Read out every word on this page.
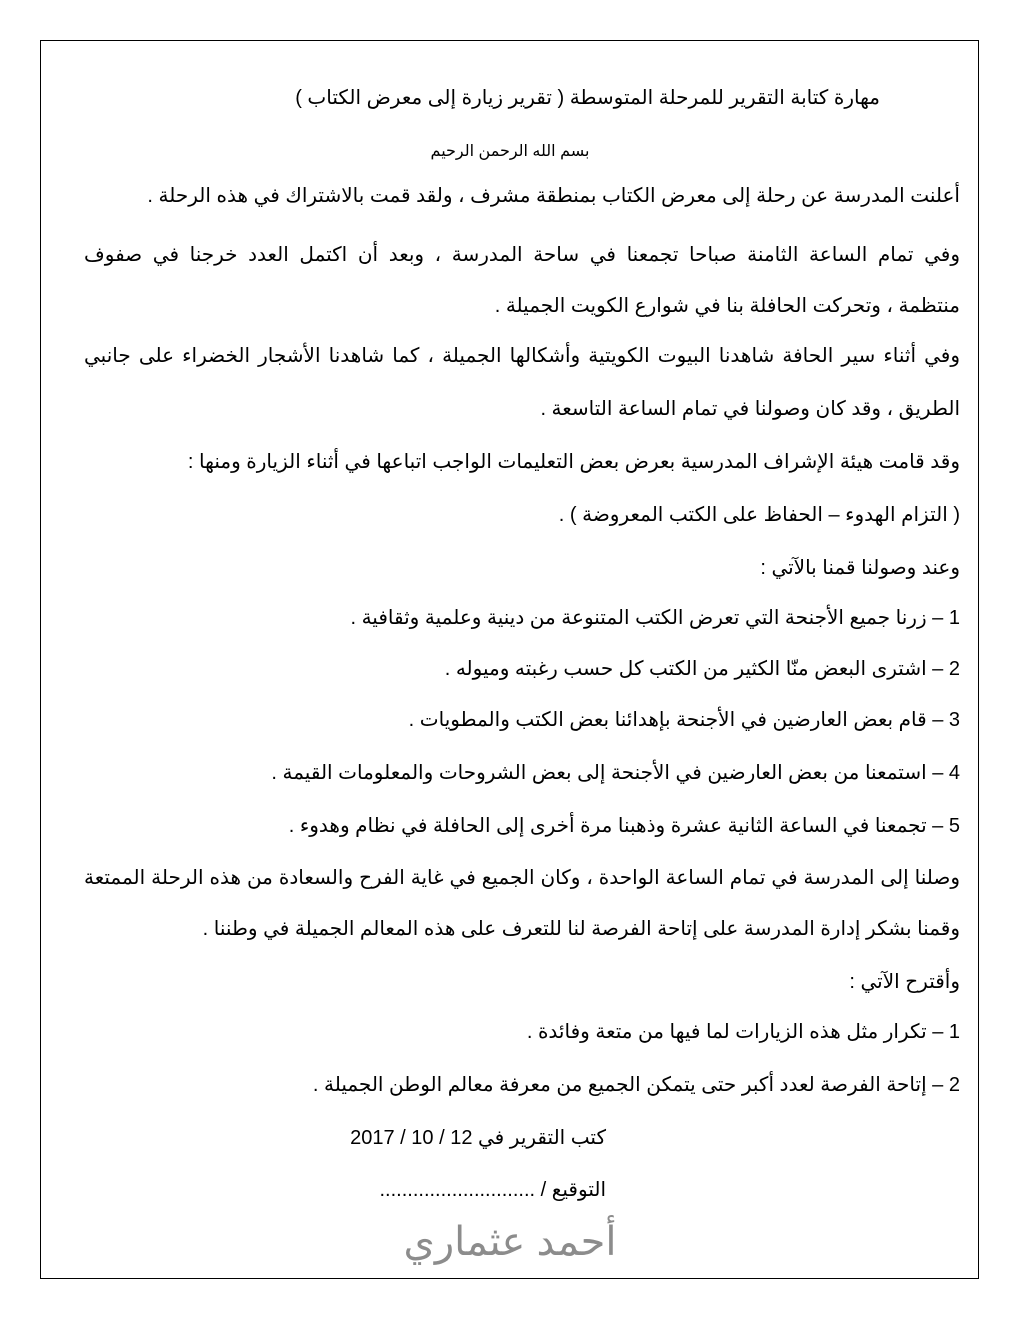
مهارة كتابة التقرير للمرحلة المتوسطة ( تقرير زيارة إلى معرض الكتاب )
بسم الله الرحمن الرحيم
أعلنت المدرسة عن رحلة إلى معرض الكتاب بمنطقة مشرف ، ولقد قمت بالاشتراك في هذه الرحلة .
وفي تمام الساعة الثامنة صباحا تجمعنا في ساحة المدرسة ، وبعد أن اكتمل العدد خرجنا في صفوف
منتظمة ، وتحركت الحافلة بنا في شوارع الكويت الجميلة .
وفي أثناء سير الحافة شاهدنا البيوت الكويتية وأشكالها الجميلة ، كما شاهدنا الأشجار الخضراء على جانبي
الطريق ، وقد كان وصولنا في تمام الساعة التاسعة .
وقد قامت هيئة الإشراف المدرسية بعرض بعض التعليمات الواجب اتباعها في أثناء الزيارة ومنها :
( التزام الهدوء – الحفاظ على الكتب المعروضة ) .
وعند وصولنا قمنا بالآتي :
1 – زرنا جميع الأجنحة التي تعرض الكتب المتنوعة من دينية وعلمية وثقافية .
2 – اشترى البعض منّا الكثير من الكتب كل حسب رغبته وميوله .
3 – قام بعض العارضين في الأجنحة بإهدائنا بعض الكتب والمطويات .
4 – استمعنا من بعض العارضين في الأجنحة إلى بعض الشروحات والمعلومات القيمة .
5 – تجمعنا في الساعة الثانية عشرة وذهبنا مرة أخرى إلى الحافلة في نظام وهدوء .
وصلنا إلى المدرسة في تمام الساعة الواحدة ، وكان الجميع في غاية الفرح والسعادة من هذه الرحلة الممتعة
وقمنا بشكر إدارة المدرسة على إتاحة الفرصة لنا للتعرف على هذه المعالم الجميلة في وطننا .
وأقترح الآتي :
1 – تكرار مثل هذه الزيارات لما فيها من متعة وفائدة .
2 – إتاحة الفرصة لعدد أكبر حتى يتمكن الجميع من معرفة معالم الوطن الجميلة .
كتب التقرير في 12 / 10 / 2017
التوقيع / ............................
أحمد عثماري
